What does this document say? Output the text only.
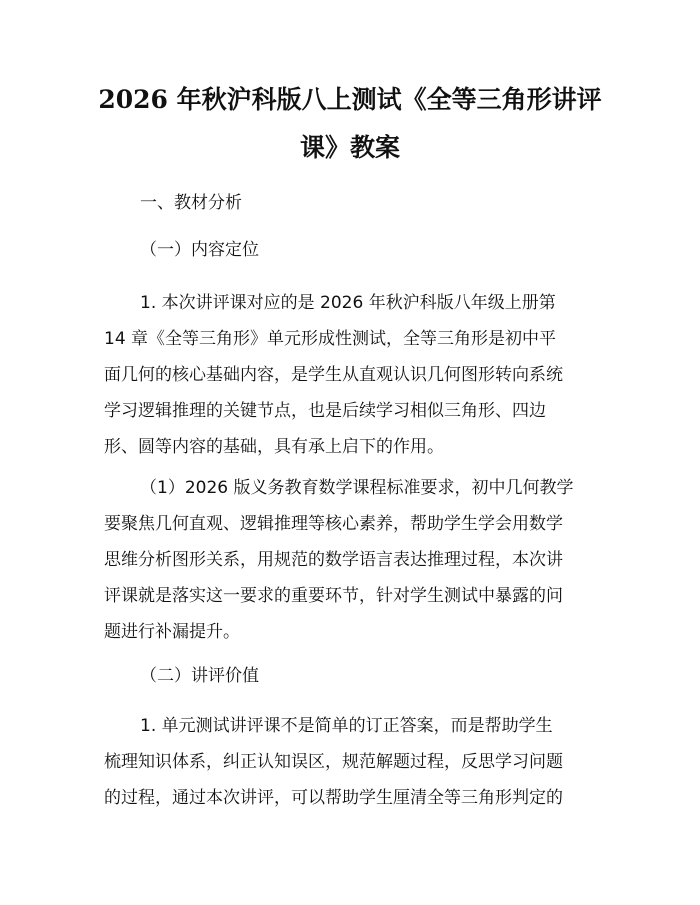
2026 年秋沪科版八上测试《全等三角形讲评
课》教案

一、教材分析

（一）内容定位

1. 本次讲评课对应的是 2026 年秋沪科版八年级上册第
14 章《全等三角形》单元形成性测试，全等三角形是初中平
面几何的核心基础内容，是学生从直观认识几何图形转向系统
学习逻辑推理的关键节点，也是后续学习相似三角形、四边
形、圆等内容的基础，具有承上启下的作用。
（1）2026 版义务教育数学课程标准要求，初中几何教学
要聚焦几何直观、逻辑推理等核心素养，帮助学生学会用数学
思维分析图形关系，用规范的数学语言表达推理过程，本次讲
评课就是落实这一要求的重要环节，针对学生测试中暴露的问
题进行补漏提升。

（二）讲评价值

1. 单元测试讲评课不是简单的订正答案，而是帮助学生
梳理知识体系，纠正认知误区，规范解题过程，反思学习问题
的过程，通过本次讲评，可以帮助学生厘清全等三角形判定的
